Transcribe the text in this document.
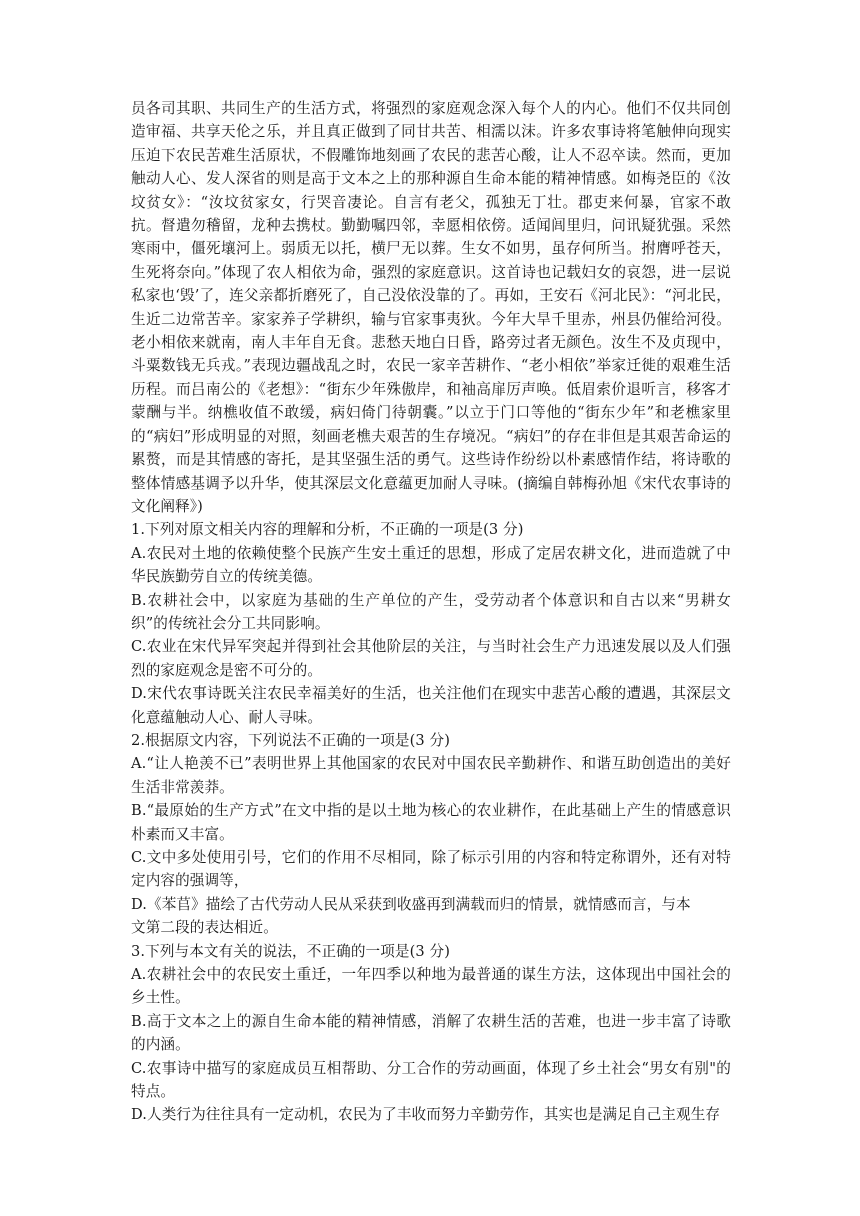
员各司其职、共同生产的生活方式，将强烈的家庭观念深入每个人的内心。他们不仅共同创造审福、共享天伦之乐，并且真正做到了同甘共苦、相濡以沫。许多农事诗将笔触伸向现实压迫下农民苦难生活原状，不假雕饰地刻画了农民的悲苦心酸，让人不忍卒读。然而，更加触动人心、发人深省的则是高于文本之上的那种源自生命本能的精神情感。如梅尧臣的《汝坟贫女》：“汝坟贫家女，行哭音凄论。自言有老父，孤独无丁壮。郡吏来何暴，官家不敢抗。督遣勿稽留，龙种去携杖。勤勤嘱四邻，幸愿相依傍。适闻闾里归，问讯疑犹强。采然寒雨中，僵死壤河上。弱质无以托，横尸无以葬。生女不如男，虽存何所当。拊膺呼苍天，生死将奈向。”体现了农人相依为命，强烈的家庭意识。这首诗也记载妇女的哀怨，进一层说私家也‘毁’了，连父亲都折磨死了，自己没依没靠的了。再如，王安石《河北民》：“河北民，生近二边常苦辛。家家养子学耕织，输与官家事夷狄。今年大旱千里赤，州县仍催给河役。老小相依来就南，南人丰年自无食。悲愁天地白日昏，路旁过者无颜色。汝生不及贞现中，斗粟数钱无兵戎。”表现边疆战乱之时，农民一家辛苦耕作、“老小相依”举家迁徙的艰难生活历程。而吕南公的《老想》：“街东少年殊傲岸，和袖高扉厉声唤。低眉索价退听言，移客才蒙酬与半。纳樵收值不敢缓，病妇倚门待朝囊。”以立于门口等他的“街东少年”和老樵家里的“病妇”形成明显的对照，刻画老樵夫艰苦的生存境况。“病妇”的存在非但是其艰苦命运的累赘，而是其情感的寄托，是其坚强生活的勇气。这些诗作纷纷以朴素感情作结，将诗歌的整体情感基调予以升华，使其深层文化意蕴更加耐人寻味。(摘编自韩梅孙旭《宋代农事诗的文化阐释》)

1.下列对原文相关内容的理解和分析，不正确的一项是(3 分)
A.农民对土地的依赖使整个民族产生安土重迁的思想，形成了定居农耕文化，进而造就了中华民族勤劳自立的传统美德。
B.农耕社会中，以家庭为基础的生产单位的产生，受劳动者个体意识和自古以来“男耕女织”的传统社会分工共同影响。
C.农业在宋代异军突起并得到社会其他阶层的关注，与当时社会生产力迅速发展以及人们强烈的家庭观念是密不可分的。
D.宋代农事诗既关注农民幸福美好的生活，也关注他们在现实中悲苦心酸的遭遇，其深层文化意蕴触动人心、耐人寻味。
2.根据原文内容，下列说法不正确的一项是(3 分)
A.“让人艳羡不已”表明世界上其他国家的农民对中国农民辛勤耕作、和谐互助创造出的美好生活非常羡莽。
B.“最原始的生产方式”在文中指的是以土地为核心的农业耕作，在此基础上产生的情感意识朴素而又丰富。
C.文中多处使用引号，它们的作用不尽相同，除了标示引用的内容和特定称谓外，还有对特定内容的强调等，
D.《苯苢》描绘了古代劳动人民从采获到收盛再到满载而归的情景，就情感而言，与本
文第二段的表达相近。
3.下列与本文有关的说法，不正确的一项是(3 分)
A.农耕社会中的农民安土重迁，一年四季以种地为最普通的谋生方法，这体现出中国社会的乡土性。
B.高于文本之上的源自生命本能的精神情感，消解了农耕生活的苦难，也进一步丰富了诗歌的内涵。
C.农事诗中描写的家庭成员互相帮助、分工合作的劳动画面，体现了乡土社会“男女有别"的特点。
D.人类行为往往具有一定动机，农民为了丰收而努力辛勤劳作，其实也是满足自己主观生存
